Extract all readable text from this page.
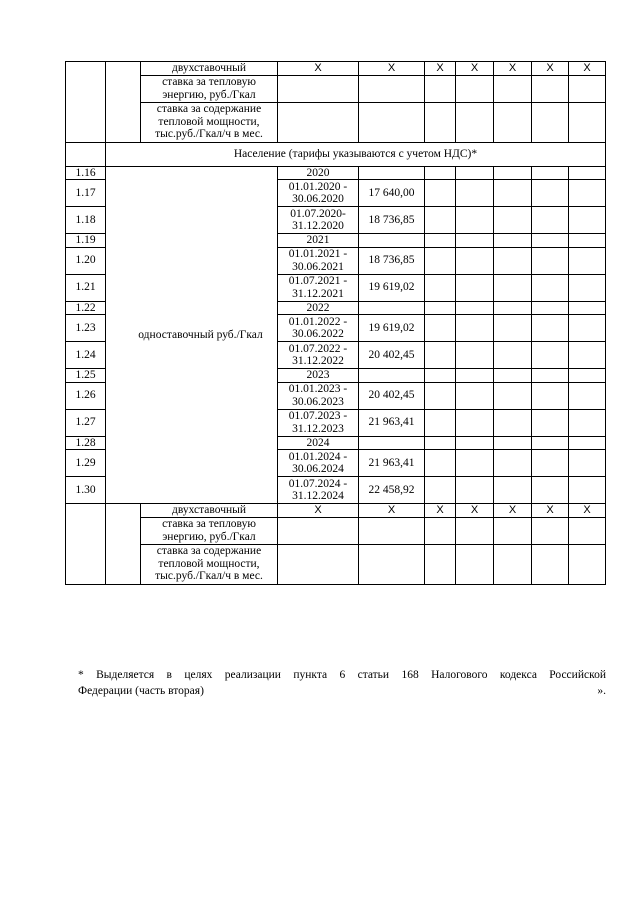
		двухставочный	Х	Х	Х	Х	Х	Х	Х	
		ставка за тепловую энергию, руб./Гкал								
		ставка за содержание тепловой мощности, тыс.руб./Гкал/ч в мес.								
	Население (тарифы указываются с учетом НДС)*									
1.16	одноставочный руб./Гкал		2020							
1.17			01.01.2020 - 30.06.2020	17 640,00						
1.18			01.07.2020- 31.12.2020	18 736,85						
1.19			2021							
1.20			01.01.2021 - 30.06.2021	18 736,85						
1.21			01.07.2021 - 31.12.2021	19 619,02						
1.22			2022							
1.23			01.01.2022 - 30.06.2022	19 619,02						
1.24			01.07.2022 - 31.12.2022	20 402,45						
1.25			2023							
1.26			01.01.2023 - 30.06.2023	20 402,45						
1.27			01.07.2023 - 31.12.2023	21 963,41						
1.28			2024							
1.29			01.01.2024 - 30.06.2024	21 963,41						
1.30			01.07.2024 - 31.12.2024	22 458,92						
		двухставочный	Х	Х	Х	Х	Х	Х	Х	
		ставка за тепловую энергию, руб./Гкал								
		ставка за содержание тепловой мощности, тыс.руб./Гкал/ч в мес.								
* Выделяется в целях реализации пункта 6 статьи 168 Налогового кодекса Российской
Федерации (часть вторая)	».
